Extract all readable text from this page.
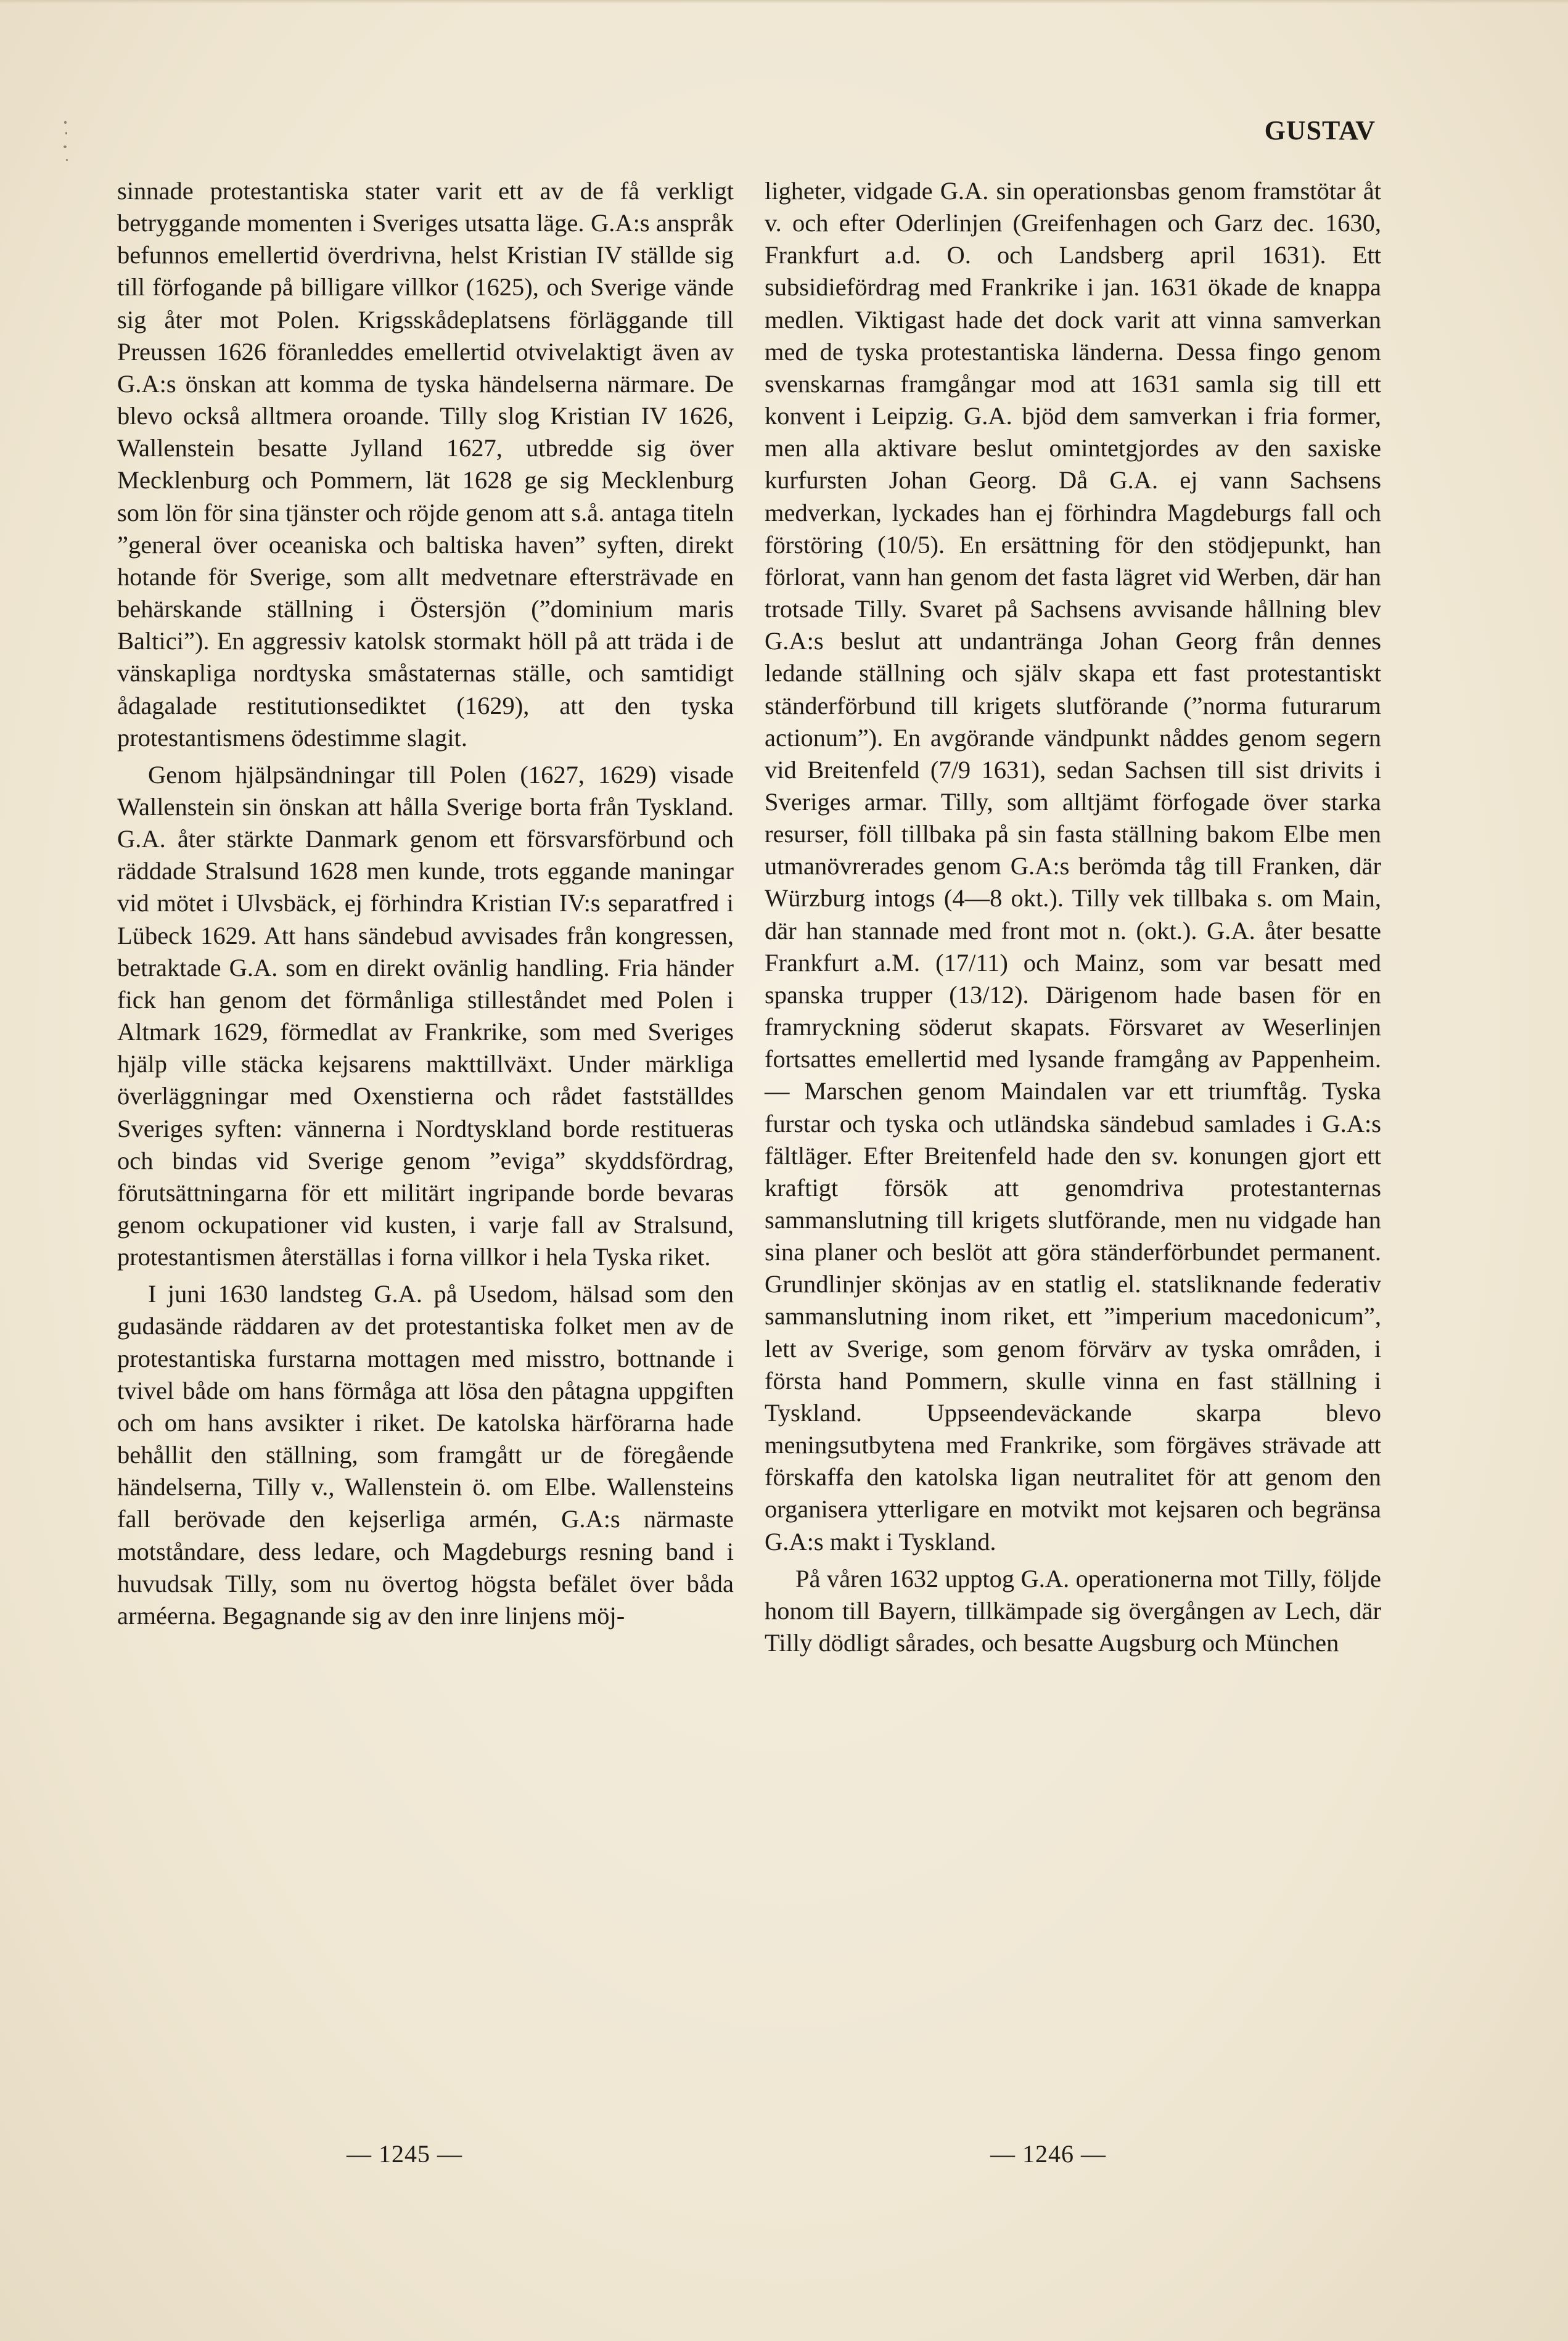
GUSTAV

sinnade protestantiska stater varit ett av de få verkligt betryggande momenten i Sveriges utsatta läge. G.A:s anspråk befunnos emellertid överdrivna, helst Kristian IV ställde sig till förfogande på billigare villkor (1625), och Sverige vände sig åter mot Polen. Krigsskådeplatsens förläggande till Preussen 1626 föranleddes emellertid otvivelaktigt även av G.A:s önskan att komma de tyska händelserna närmare. De blevo också alltmera oroande. Tilly slog Kristian IV 1626, Wallenstein besatte Jylland 1627, utbredde sig över Mecklenburg och Pommern, lät 1628 ge sig Mecklenburg som lön för sina tjänster och röjde genom att s.å. antaga titeln ”general över oceaniska och baltiska haven” syften, direkt hotande för Sverige, som allt medvetnare eftersträvade en behärskande ställning i Östersjön (”dominium maris Baltici”). En aggressiv katolsk stormakt höll på att träda i de vänskapliga nordtyska småstaternas ställe, och samtidigt ådagalade restitutionsediktet (1629), att den tyska protestantismens ödestimme slagit.

Genom hjälpsändningar till Polen (1627, 1629) visade Wallenstein sin önskan att hålla Sverige borta från Tyskland. G.A. åter stärkte Danmark genom ett försvarsförbund och räddade Stralsund 1628 men kunde, trots eggande maningar vid mötet i Ulvsbäck, ej förhindra Kristian IV:s separatfred i Lübeck 1629. Att hans sändebud avvisades från kongressen, betraktade G.A. som en direkt ovänlig handling. Fria händer fick han genom det förmånliga stilleståndet med Polen i Altmark 1629, förmedlat av Frankrike, som med Sveriges hjälp ville stäcka kejsarens makttillväxt. Under märkliga överläggningar med Oxenstierna och rådet fastställdes Sveriges syften: vännerna i Nordtyskland borde restitueras och bindas vid Sverige genom ”eviga” skyddsfördrag, förutsättningarna för ett militärt ingripande borde bevaras genom ockupationer vid kusten, i varje fall av Stralsund, protestantismen återställas i forna villkor i hela Tyska riket.

I juni 1630 landsteg G.A. på Usedom, hälsad som den gudasände räddaren av det protestantiska folket men av de protestantiska furstarna mottagen med misstro, bottnande i tvivel både om hans förmåga att lösa den påtagna uppgiften och om hans avsikter i riket. De katolska härförarna hade behållit den ställning, som framgått ur de föregående händelserna, Tilly v., Wallenstein ö. om Elbe. Wallensteins fall berövade den kejserliga armén, G.A:s närmaste motståndare, dess ledare, och Magdeburgs resning band i huvudsak Tilly, som nu övertog högsta befälet över båda arméerna. Begagnande sig av den inre linjens möj-

ligheter, vidgade G.A. sin operationsbas genom framstötar åt v. och efter Oderlinjen (Greifenhagen och Garz dec. 1630, Frankfurt a.d. O. och Landsberg april 1631). Ett subsidiefördrag med Frankrike i jan. 1631 ökade de knappa medlen. Viktigast hade det dock varit att vinna samverkan med de tyska protestantiska länderna. Dessa fingo genom svenskarnas framgångar mod att 1631 samla sig till ett konvent i Leipzig. G.A. bjöd dem samverkan i fria former, men alla aktivare beslut omintetgjordes av den saxiske kurfursten Johan Georg. Då G.A. ej vann Sachsens medverkan, lyckades han ej förhindra Magdeburgs fall och förstöring (10/5). En ersättning för den stödjepunkt, han förlorat, vann han genom det fasta lägret vid Werben, där han trotsade Tilly. Svaret på Sachsens avvisande hållning blev G.A:s beslut att undantränga Johan Georg från dennes ledande ställning och själv skapa ett fast protestantiskt ständerförbund till krigets slutförande (”norma futurarum actionum”). En avgörande vändpunkt nåddes genom segern vid Breitenfeld (7/9 1631), sedan Sachsen till sist drivits i Sveriges armar. Tilly, som alltjämt förfogade över starka resurser, föll tillbaka på sin fasta ställning bakom Elbe men utmanövrerades genom G.A:s berömda tåg till Franken, där Würzburg intogs (4—8 okt.). Tilly vek tillbaka s. om Main, där han stannade med front mot n. (okt.). G.A. åter besatte Frankfurt a.M. (17/11) och Mainz, som var besatt med spanska trupper (13/12). Därigenom hade basen för en framryckning söderut skapats. Försvaret av Weserlinjen fortsattes emellertid med lysande framgång av Pappenheim. — Marschen genom Maindalen var ett triumftåg. Tyska furstar och tyska och utländska sändebud samlades i G.A:s fältläger. Efter Breitenfeld hade den sv. konungen gjort ett kraftigt försök att genomdriva protestanternas sammanslutning till krigets slutförande, men nu vidgade han sina planer och beslöt att göra ständerförbundet permanent. Grundlinjer skönjas av en statlig el. statsliknande federativ sammanslutning inom riket, ett ”imperium macedonicum”, lett av Sverige, som genom förvärv av tyska områden, i första hand Pommern, skulle vinna en fast ställning i Tyskland. Uppseendeväckande skarpa blevo meningsutbytena med Frankrike, som förgäves strävade att förskaffa den katolska ligan neutralitet för att genom den organisera ytterligare en motvikt mot kejsaren och begränsa G.A:s makt i Tyskland.

På våren 1632 upptog G.A. operationerna mot Tilly, följde honom till Bayern, tillkämpade sig övergången av Lech, där Tilly dödligt sårades, och besatte Augsburg och München

— 1245 —	— 1246 —
